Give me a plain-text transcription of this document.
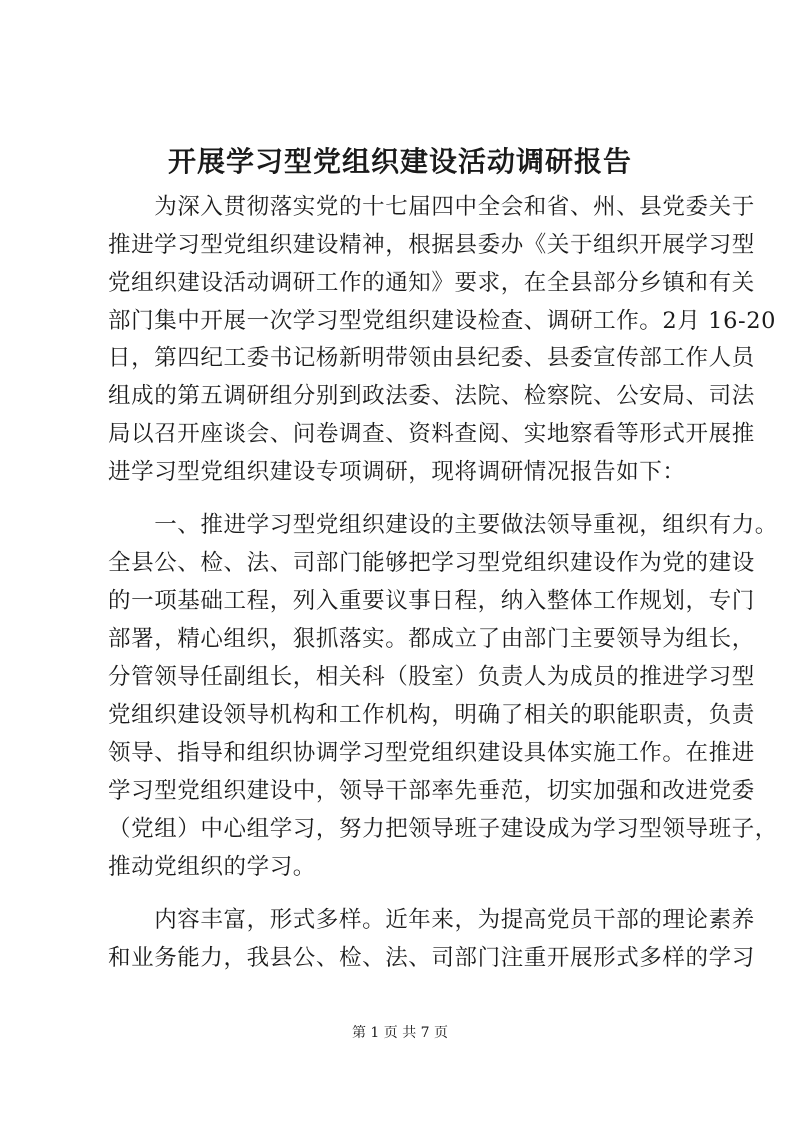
开展学习型党组织建设活动调研报告
　　为深入贯彻落实党的十七届四中全会和省、州、县党委关于
推进学习型党组织建设精神，根据县委办《关于组织开展学习型
党组织建设活动调研工作的通知》要求，在全县部分乡镇和有关
部门集中开展一次学习型党组织建设检查、调研工作。2月 16-20
日，第四纪工委书记杨新明带领由县纪委、县委宣传部工作人员
组成的第五调研组分别到政法委、法院、检察院、公安局、司法
局以召开座谈会、问卷调查、资料查阅、实地察看等形式开展推
进学习型党组织建设专项调研，现将调研情况报告如下：
　　一、推进学习型党组织建设的主要做法领导重视，组织有力。
全县公、检、法、司部门能够把学习型党组织建设作为党的建设
的一项基础工程，列入重要议事日程，纳入整体工作规划，专门
部署，精心组织，狠抓落实。都成立了由部门主要领导为组长，
分管领导任副组长，相关科（股室）负责人为成员的推进学习型
党组织建设领导机构和工作机构，明确了相关的职能职责，负责
领导、指导和组织协调学习型党组织建设具体实施工作。在推进
学习型党组织建设中，领导干部率先垂范，切实加强和改进党委
（党组）中心组学习，努力把领导班子建设成为学习型领导班子，
推动党组织的学习。
　　内容丰富，形式多样。近年来，为提高党员干部的理论素养
和业务能力，我县公、检、法、司部门注重开展形式多样的学习
第 1 页 共 7 页
